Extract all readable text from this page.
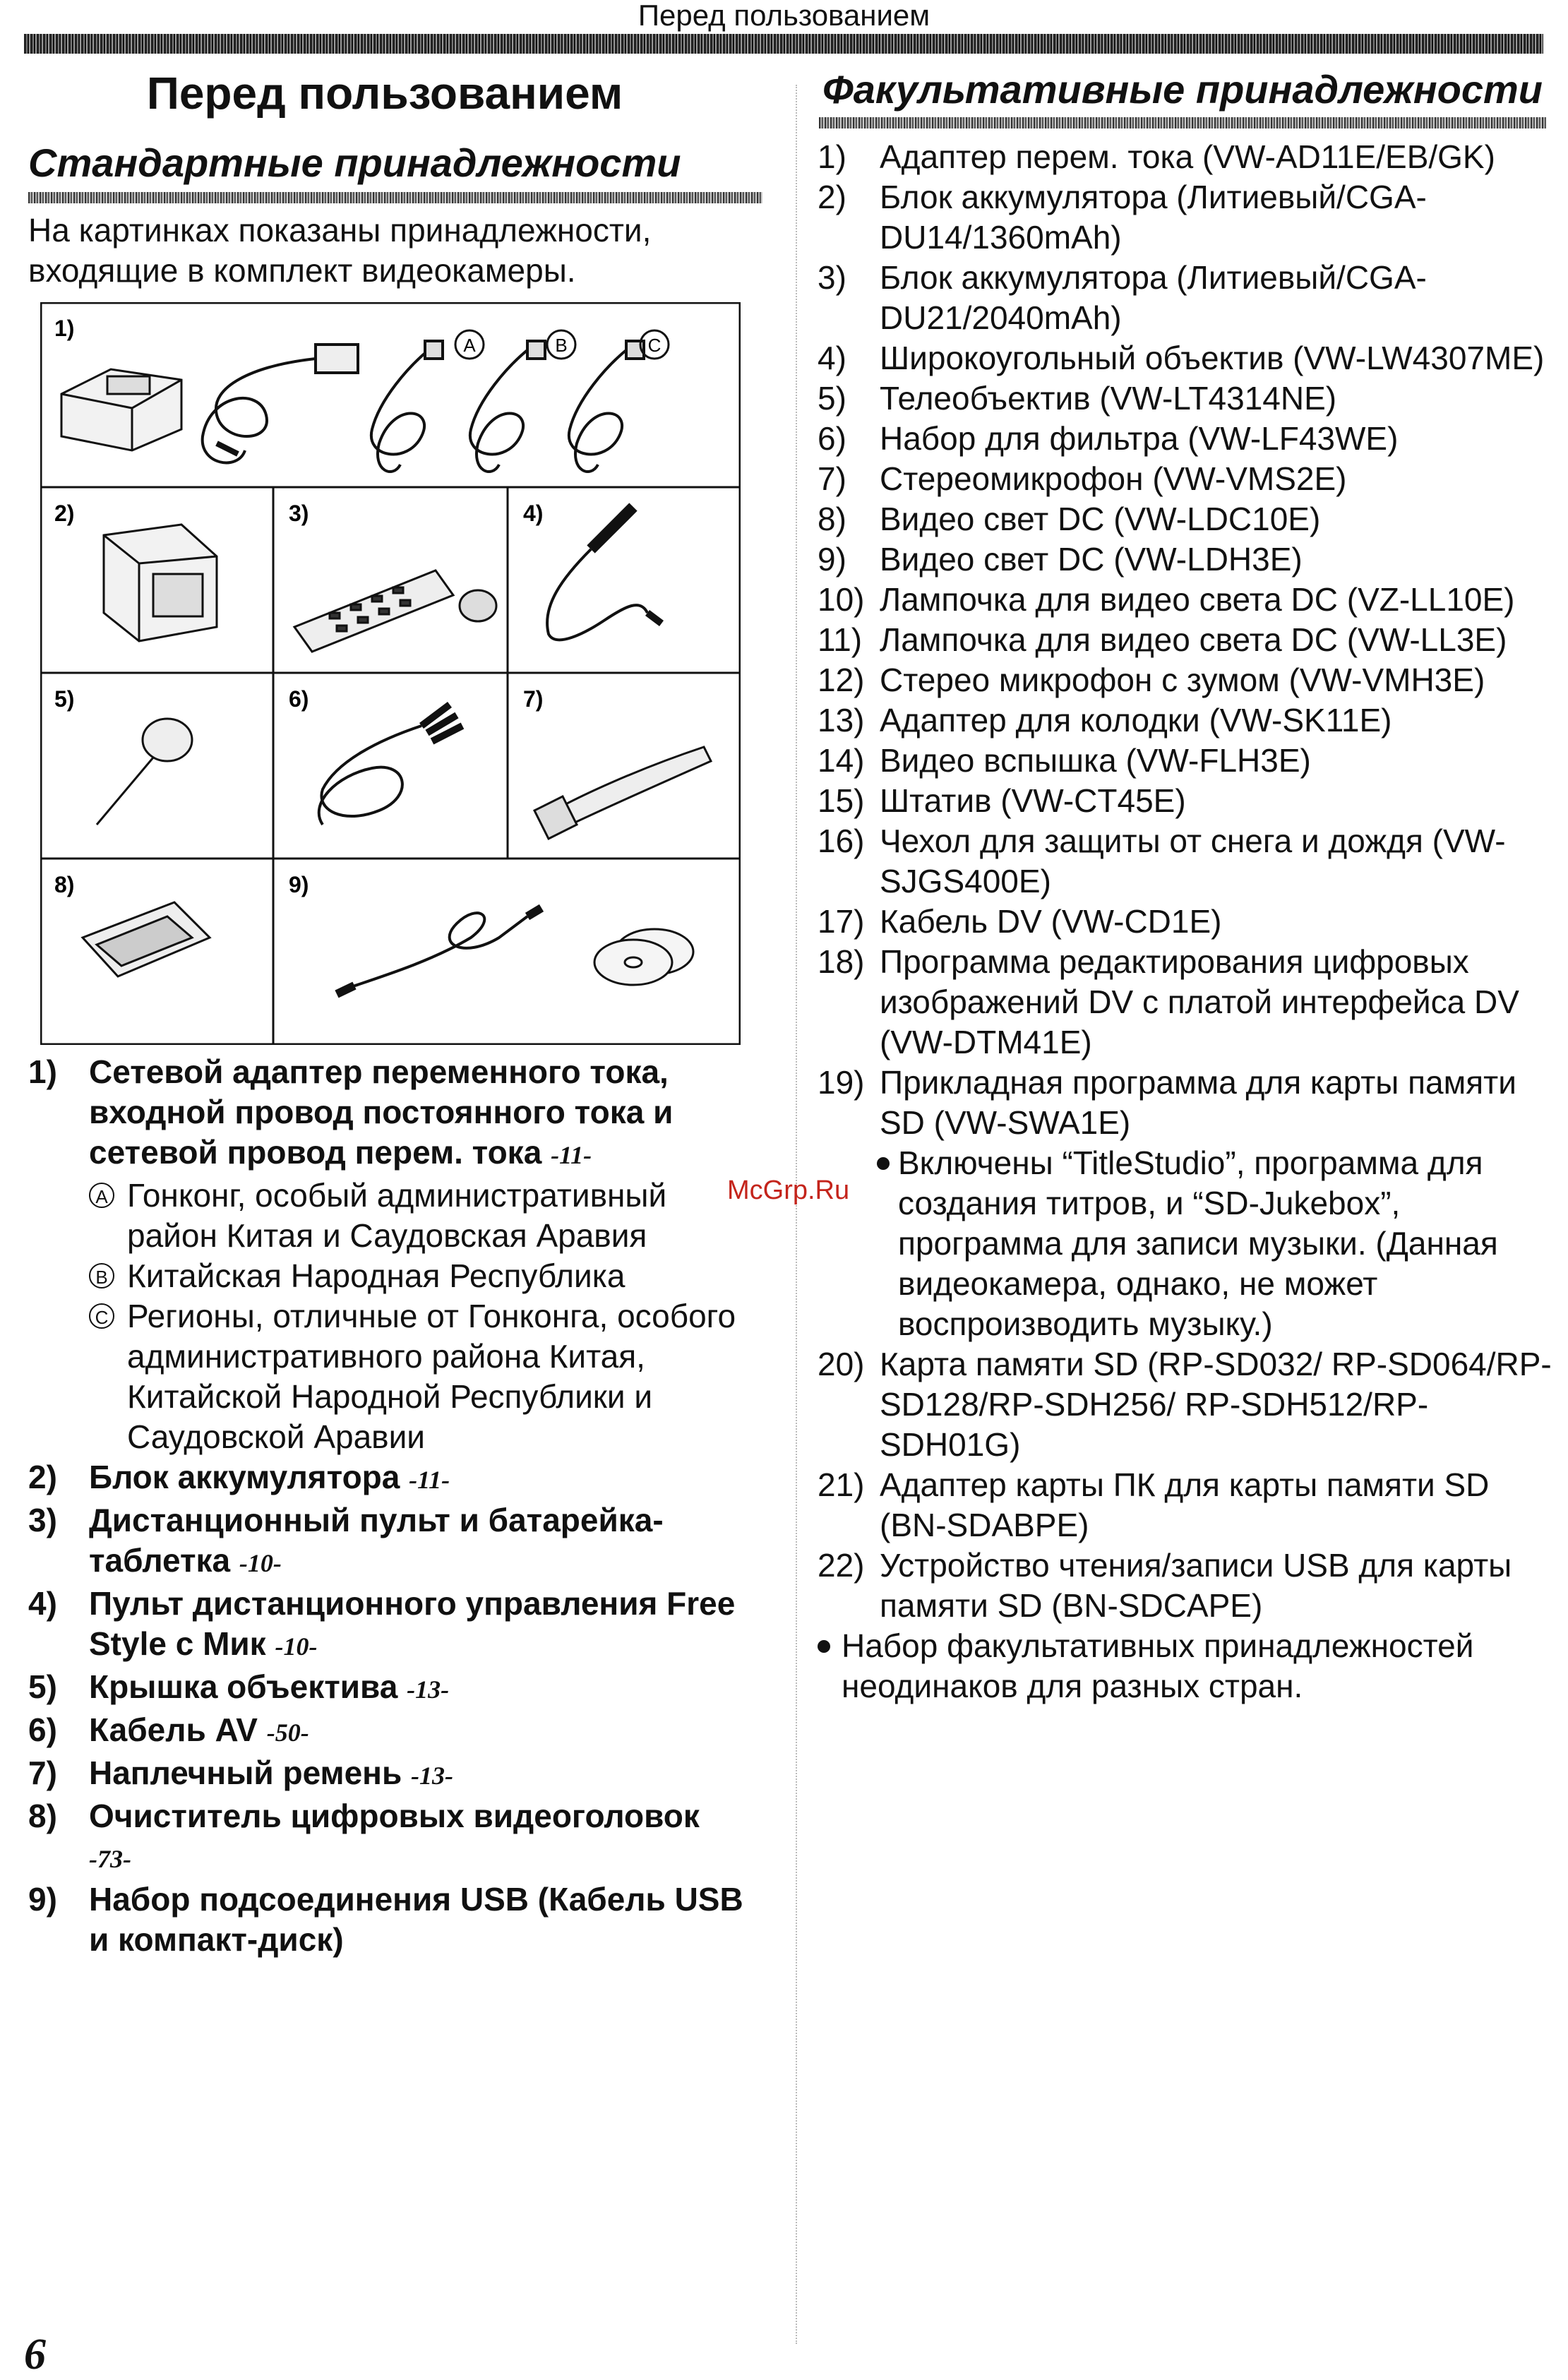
Перед пользованием
Перед пользованием
Стандартные принадлежности
На картинках показаны принадлежности, входящие в комплект видеокамеры.
1)
2)	3)	4)
5)	6)	7)
8)	9)
A	B	C
1) Сетевой адаптер переменного тока, входной провод постоянного тока и сетевой провод перем. тока -11-
A Гонконг, особый административный район Китая и Саудовская Аравия
B Китайская Народная Республика
C Регионы, отличные от Гонконга, особого административного района Китая, Китайской Народной Республики и Саудовской Аравии
2) Блок аккумулятора -11-
3) Дистанционный пульт и батарейка-таблетка -10-
4) Пульт дистанционного управления Free Style с Мик -10-
5) Крышка объектива -13-
6) Кабель AV -50-
7) Наплечный ремень -13-
8) Очиститель цифровых видеоголовок
-73-
9) Набор подсоединения USB (Кабель USB и компакт-диск)
Факультативные принадлежности
1) Адаптер перем. тока (VW-AD11E/EB/GK)
2) Блок аккумулятора (Литиевый/CGA-DU14/1360mAh)
3) Блок аккумулятора (Литиевый/CGA-DU21/2040mAh)
4) Широкоугольный объектив (VW-LW4307ME)
5) Телеобъектив (VW-LT4314NE)
6) Набор для фильтра (VW-LF43WE)
7) Стереомикрофон (VW-VMS2E)
8) Видео свет DC (VW-LDC10E)
9) Видео свет DC (VW-LDH3E)
10) Лампочка для видео света DC (VZ-LL10E)
11) Лампочка для видео света DC (VW-LL3E)
12) Стерео микрофон с зумом (VW-VMH3E)
13) Адаптер для колодки (VW-SK11E)
14) Видео вспышка (VW-FLH3E)
15) Штатив (VW-CT45E)
16) Чехол для защиты от снега и дождя (VW-SJGS400E)
17) Кабель DV (VW-CD1E)
18) Программа редактирования цифровых изображений DV с платой интерфейса DV (VW-DTM41E)
19) Прикладная программа для карты памяти SD (VW-SWA1E)
Включены “TitleStudio”, программа для создания титров, и “SD-Jukebox”, программа для записи музыки. (Данная видеокамера, однако, не может воспроизводить музыку.)
20) Карта памяти SD (RP-SD032/ RP-SD064/RP-SD128/RP-SDH256/ RP-SDH512/RP-SDH01G)
21) Адаптер карты ПК для карты памяти SD (BN-SDABPE)
22) Устройство чтения/записи USB для карты памяти SD (BN-SDCAPE)
Набор факультативных принадлежностей неодинаков для разных стран.
McGrp.Ru
6
